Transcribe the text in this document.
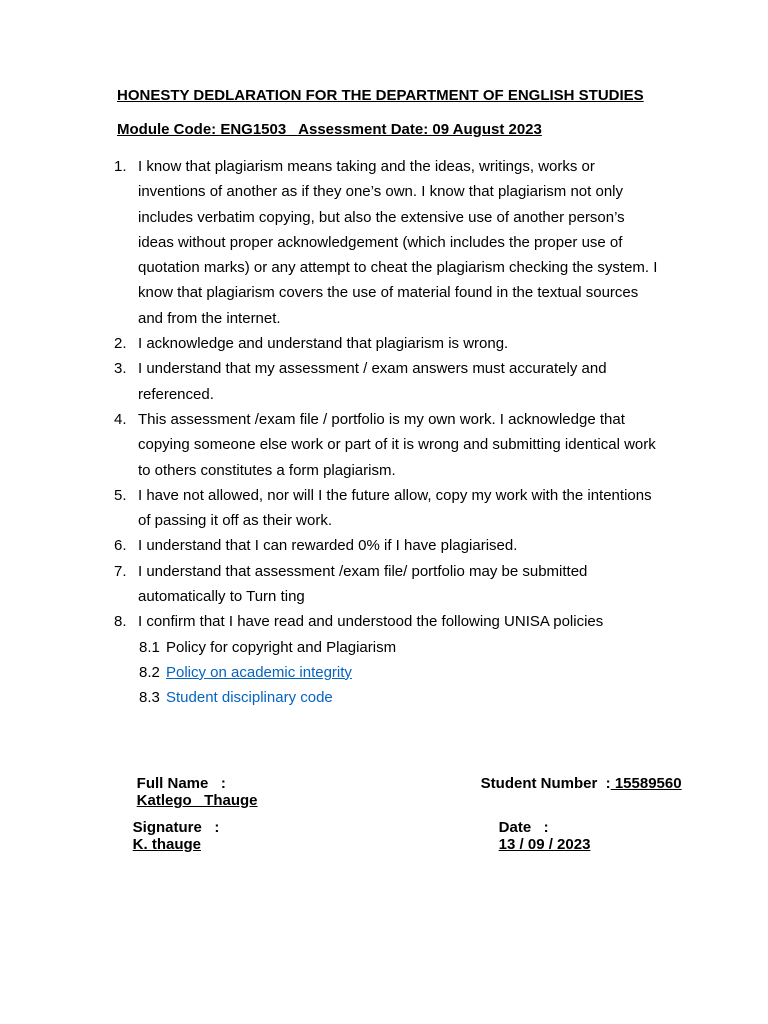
HONESTY DEDLARATION FOR THE DEPARTMENT OF ENGLISH STUDIES
Module Code: ENG1503   Assessment Date: 09 August 2023
1. I know that plagiarism means taking and the ideas, writings, works or
inventions of another as if they one’s own. I know that plagiarism not only
includes verbatim copying, but also the extensive use of another person’s
ideas without proper acknowledgement (which includes the proper use of
quotation marks) or any attempt to cheat the plagiarism checking the system. I
know that plagiarism covers the use of material found in the textual sources
and from the internet.
2. I acknowledge and understand that plagiarism is wrong.
3. I understand that my assessment / exam answers must accurately and
referenced.
4. This assessment /exam file / portfolio is my own work. I acknowledge that
copying someone else work or part of it is wrong and submitting identical work
to others constitutes a form plagiarism.
5. I have not allowed, nor will I the future allow, copy my work with the intentions
of passing it off as their work.
6. I understand that I can rewarded 0% if I have plagiarised.
7. I understand that assessment /exam file/ portfolio may be submitted
automatically to Turn ting
8. I confirm that I have read and understood the following UNISA policies
8.1 Policy for copyright and Plagiarism
8.2 Policy on academic integrity
8.3 Student disciplinary code

Full Name   :
Katlego   Thauge

Student Number  : 15589560

Signature   :
K. thauge

Date   :
13 / 09 / 2023
